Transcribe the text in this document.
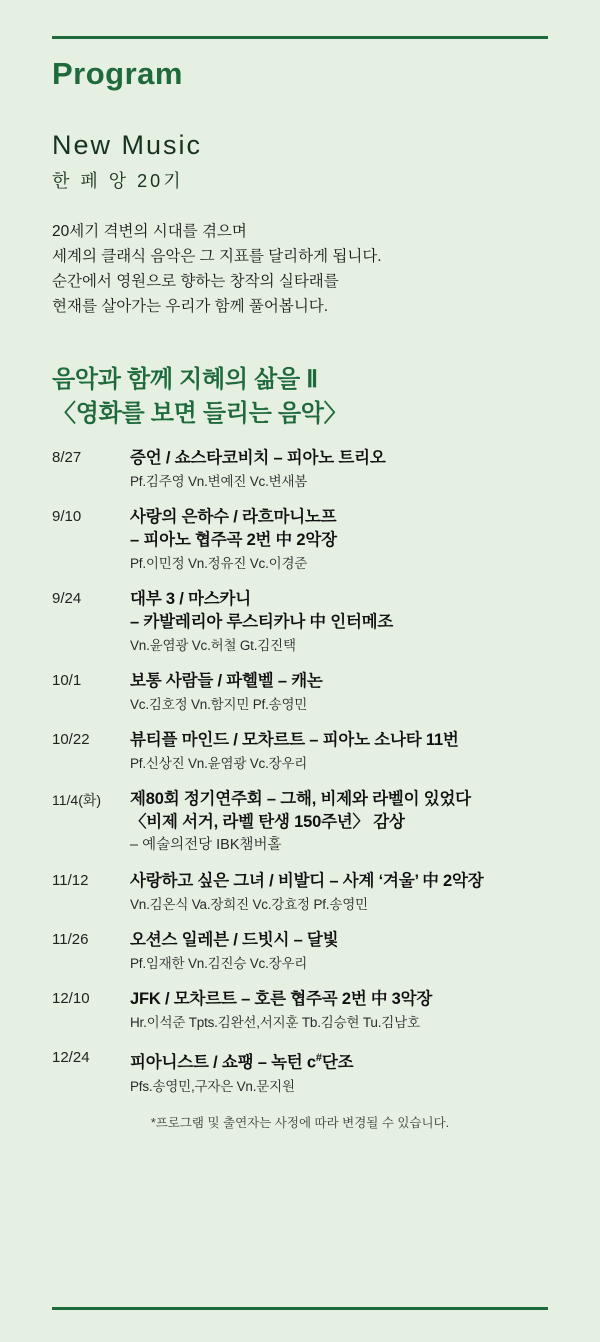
Program
New Music
한 페 앙 20기
20세기 격변의 시대를 겪으며
세계의 클래식 음악은 그 지표를 달리하게 됩니다.
순간에서 영원으로 향하는 창작의 실타래를
현재를 살아가는 우리가 함께 풀어봅니다.
음악과 함께 지혜의 삶을 Ⅱ
〈영화를 보면 들리는 음악〉
8/27	증언 / 쇼스타코비치 – 피아노 트리오
Pf.김주영 Vn.변예진 Vc.변새봄
9/10	사랑의 은하수 / 라흐마니노프
– 피아노 협주곡 2번 中 2악장
Pf.이민정 Vn.정유진 Vc.이경준
9/24	대부 3 / 마스카니
– 카발레리아 루스티카나 中 인터메조
Vn.윤염광 Vc.허철 Gt.김진택
10/1	보통 사람들 / 파헬벨 – 캐논
Vc.김호정 Vn.함지민 Pf.송영민
10/22	뷰티플 마인드 / 모차르트 – 피아노 소나타 11번
Pf.신상진 Vn.윤염광 Vc.장우리
11/4(화)	제80회 정기연주회 – 그해, 비제와 라벨이 있었다
〈비제 서거, 라벨 탄생 150주년〉 감상
– 예술의전당 IBK챔버홀
11/12	사랑하고 싶은 그녀 / 비발디 – 사계 ‘겨울’ 中 2악장
Vn.김온식 Va.장희진 Vc.강효정 Pf.송영민
11/26	오션스 일레븐 / 드빗시 – 달빛
Pf.임재한 Vn.김진승 Vc.장우리
12/10	JFK / 모차르트 – 호른 협주곡 2번 中 3악장
Hr.이석준 Tpts.김완선,서지훈 Tb.김승현 Tu.김남호
12/24	피아니스트 / 쇼팽 – 녹턴 c#단조
Pfs.송영민,구자은 Vn.문지원
*프로그램 및 출연자는 사정에 따라 변경될 수 있습니다.
